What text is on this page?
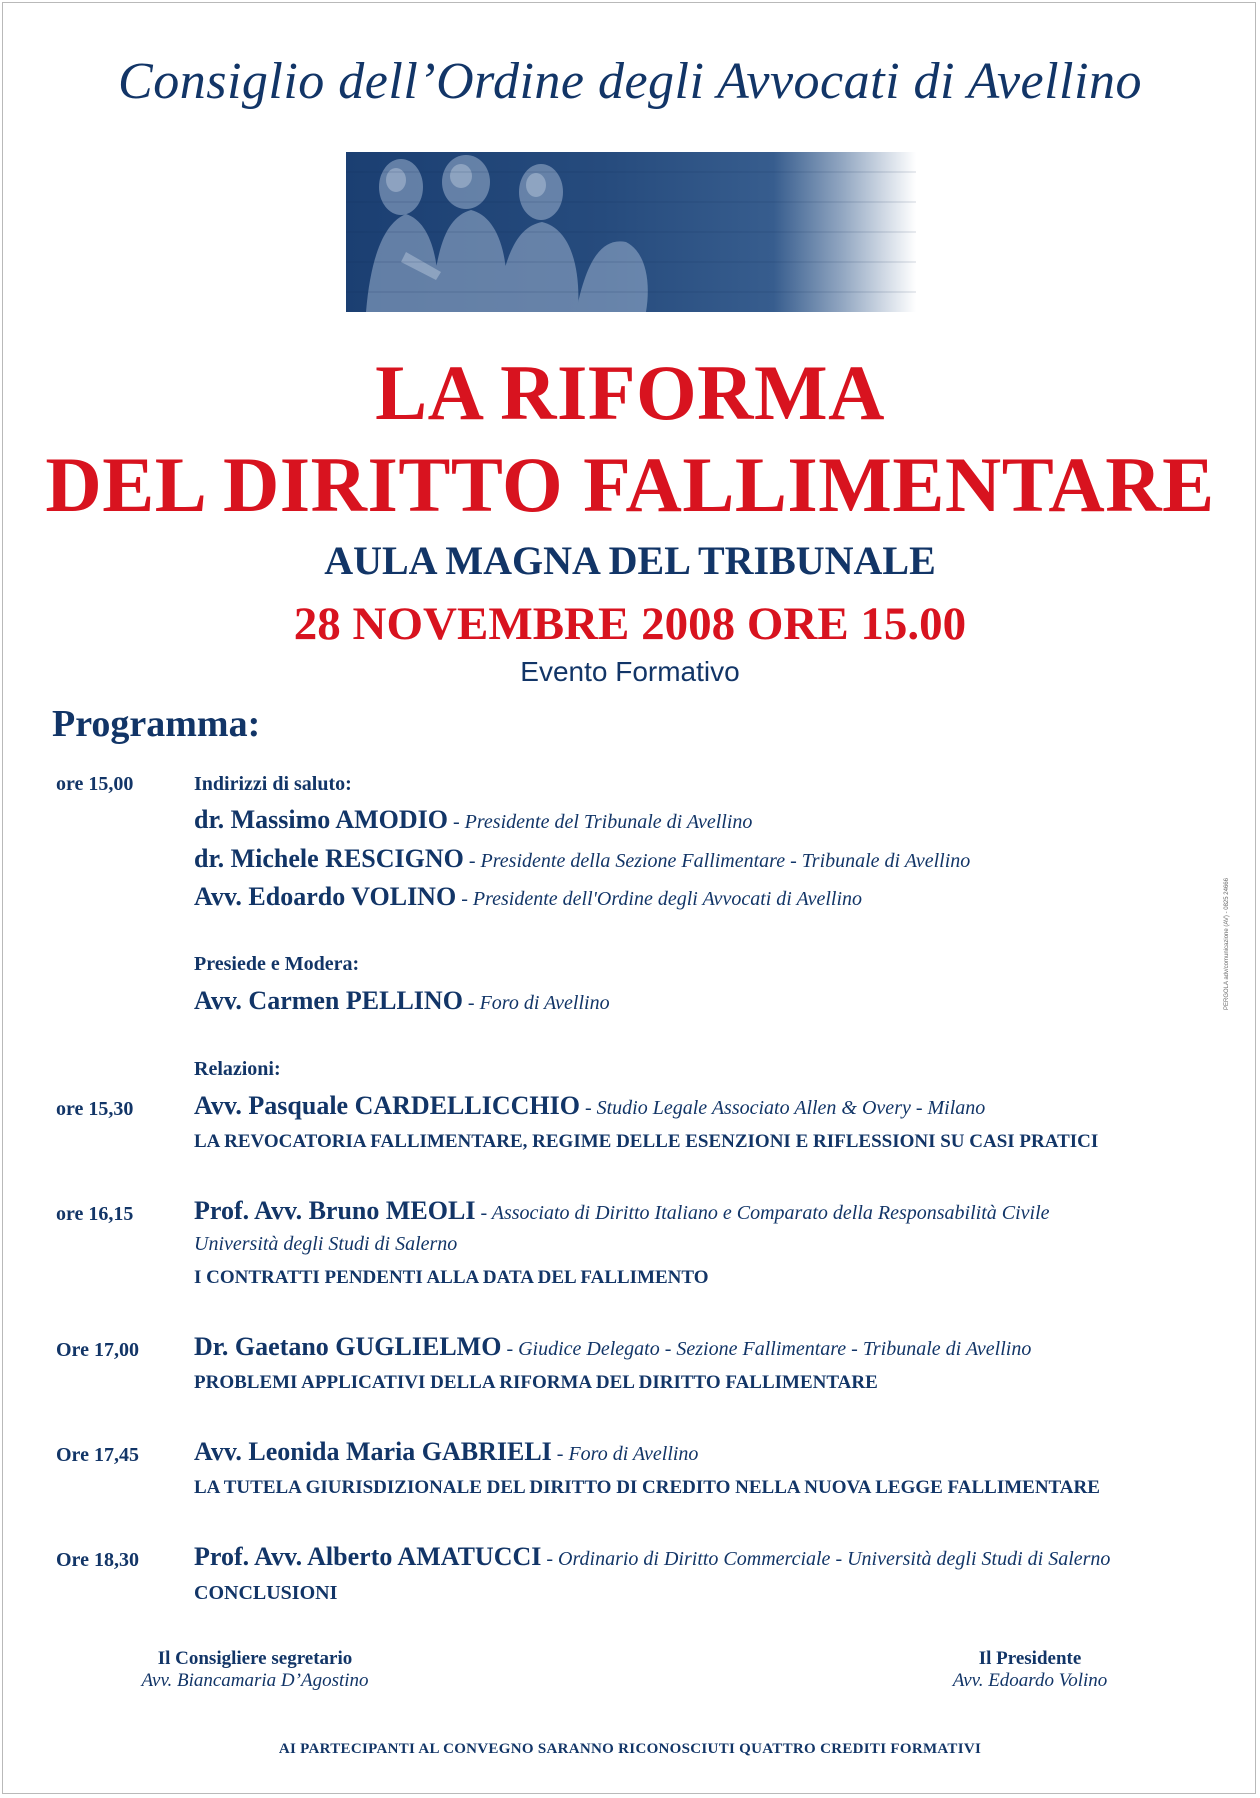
Consiglio dell’Ordine degli Avvocati di Avellino
LA RIFORMA
DEL DIRITTO FALLIMENTARE
AULA MAGNA DEL TRIBUNALE
28 NOVEMBRE 2008 ORE 15.00
Evento Formativo
Programma:
ore 15,00	Indirizzi di saluto:
dr. Massimo AMODIO - Presidente del Tribunale di Avellino
dr. Michele RESCIGNO - Presidente della Sezione Fallimentare - Tribunale di Avellino
Avv. Edoardo VOLINO - Presidente dell'Ordine degli Avvocati di Avellino
Presiede e Modera:
Avv. Carmen PELLINO - Foro di Avellino
Relazioni:
ore 15,30 Avv. Pasquale CARDELLICCHIO - Studio Legale Associato Allen & Overy - Milano
LA REVOCATORIA FALLIMENTARE, REGIME DELLE ESENZIONI E RIFLESSIONI SU CASI PRATICI
ore 16,15 Prof. Avv. Bruno MEOLI - Associato di Diritto Italiano e Comparato della Responsabilità Civile
Università degli Studi di Salerno
I CONTRATTI PENDENTI ALLA DATA DEL FALLIMENTO
Ore 17,00 Dr. Gaetano GUGLIELMO - Giudice Delegato - Sezione Fallimentare - Tribunale di Avellino
PROBLEMI APPLICATIVI DELLA RIFORMA DEL DIRITTO FALLIMENTARE
Ore 17,45 Avv. Leonida Maria GABRIELI - Foro di Avellino
LA TUTELA GIURISDIZIONALE DEL DIRITTO DI CREDITO NELLA NUOVA LEGGE FALLIMENTARE
Ore 18,30 Prof. Avv. Alberto AMATUCCI - Ordinario di Diritto Commerciale - Università degli Studi di Salerno
CONCLUSIONI
Il Consigliere segretario
Avv. Biancamaria D’Agostino
Il Presidente
Avv. Edoardo Volino
AI PARTECIPANTI AL CONVEGNO SARANNO RICONOSCIUTI QUATTRO CREDITI FORMATIVI
PERGOLA adv/comunicazione (AV) - 0825 24666
